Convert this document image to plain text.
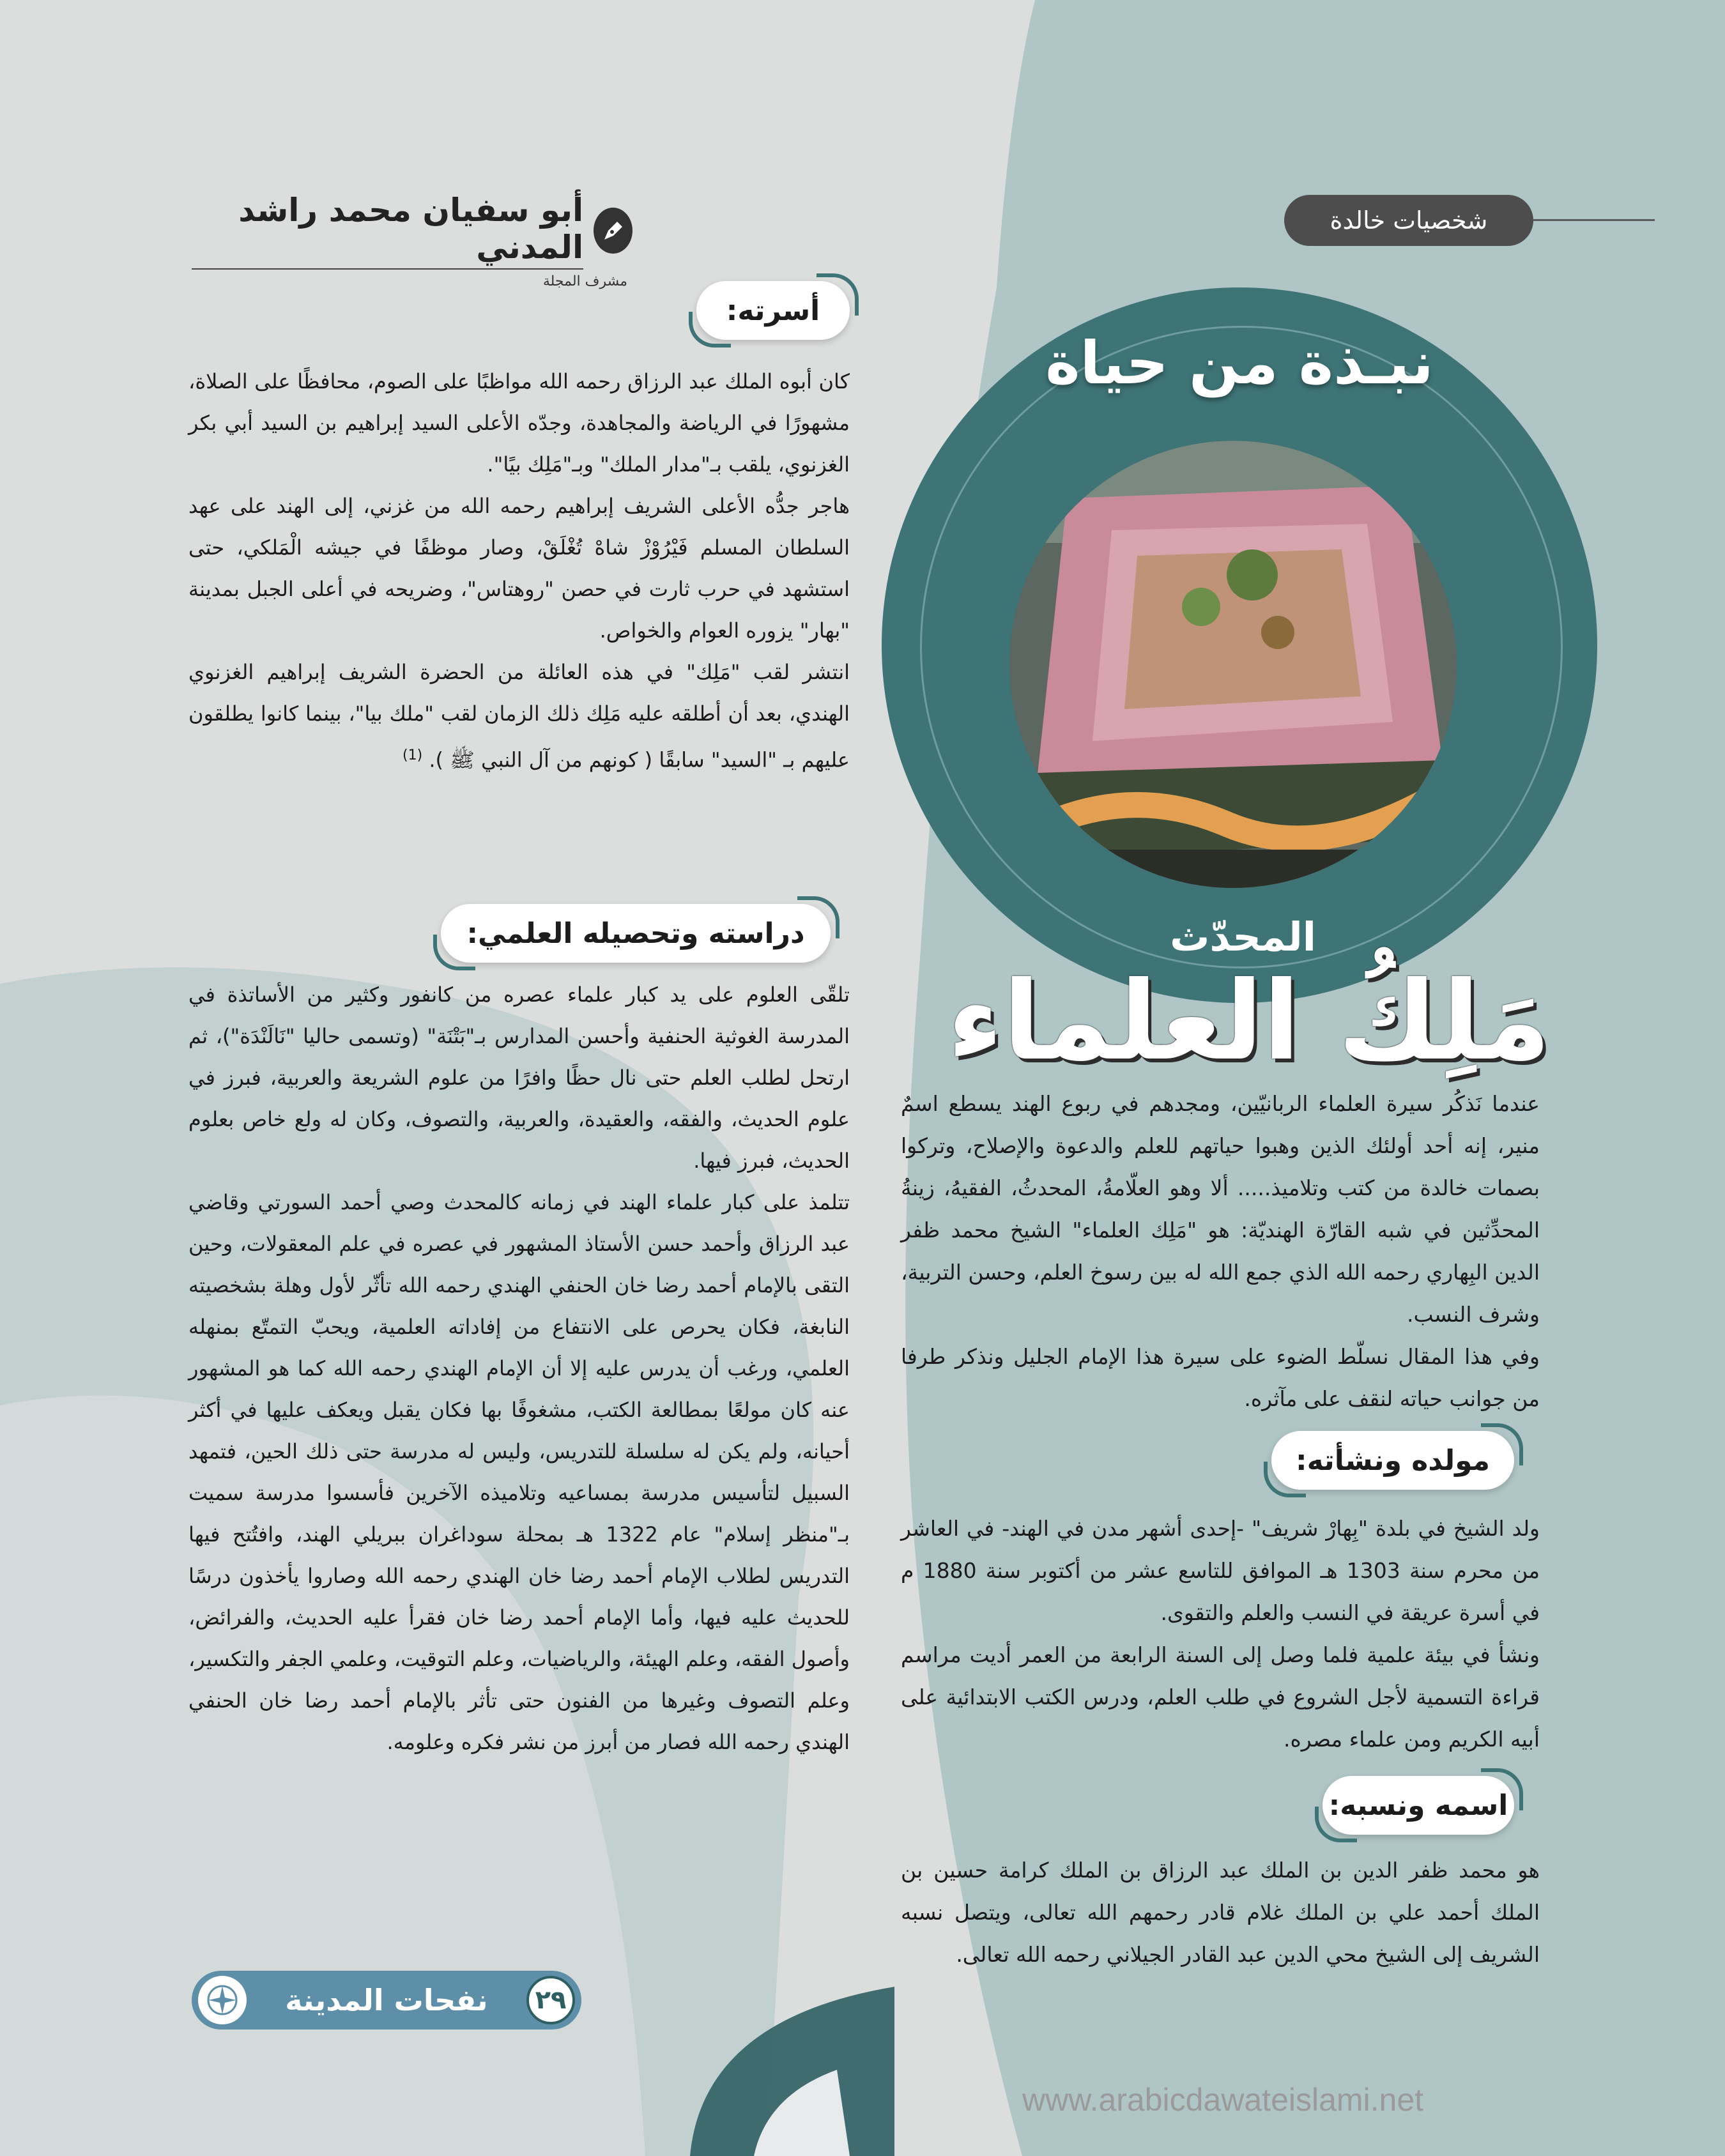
شخصيات خالدة
أبو سفيان محمد راشد المدني
مشرف المجلة
نبـذة من حياة
المحدّث
مَلِكُ العلماء

عندما نَذكُر سيرة العلماء الربانيّين، ومجدهم في ربوع الهند يسطع اسمٌ منير، إنه أحد أولئك الذين وهبوا حياتهم للعلم والدعوة والإصلاح، وتركوا بصمات خالدة من كتب وتلاميذ..... ألا وهو العلّامةُ، المحدثُ، الفقيهُ، زينةُ المحدِّثين في شبه القارّة الهنديّة: هو "مَلِك العلماء" الشيخ محمد ظفر الدين البِهاري رحمه الله الذي جمع الله له بين رسوخ العلم، وحسن التربية، وشرف النسب.

وفي هذا المقال نسلّط الضوء على سيرة هذا الإمام الجليل ونذكر طرفا من جوانب حياته لنقف على مآثره.

مولده ونشأته:

ولد الشيخ في بلدة "بِهارْ شريف" -إحدى أشهر مدن في الهند- في العاشر من محرم سنة 1303 هـ الموافق للتاسع عشر من أكتوبر سنة 1880 م في أسرة عريقة في النسب والعلم والتقوى.

ونشأ في بيئة علمية فلما وصل إلى السنة الرابعة من العمر أديت مراسم قراءة التسمية لأجل الشروع في طلب العلم، ودرس الكتب الابتدائية على أبيه الكريم ومن علماء مصره.

اسمه ونسبه:

هو محمد ظفر الدين بن الملك عبد الرزاق بن الملك كرامة حسين بن الملك أحمد علي بن الملك غلام قادر رحمهم الله تعالى، ويتصل نسبه الشريف إلى الشيخ محي الدين عبد القادر الجيلاني رحمه الله تعالى.

أسرته:

كان أبوه الملك عبد الرزاق رحمه الله مواظبًا على الصوم، محافظًا على الصلاة، مشهورًا في الرياضة والمجاهدة، وجدّه الأعلى السيد إبراهيم بن السيد أبي بكر الغزنوي، يلقب بـ"مدار الملك" وبـ"مَلِك بيًا".

هاجر جدُّه الأعلى الشريف إبراهيم رحمه الله من غزني، إلى الهند على عهد السلطان المسلم فَيْرُوْزْ شاهْ تُغْلَقْ، وصار موظفًا في جيشه الْمَلكي، حتى استشهد في حرب ثارت في حصن "روهتاس"، وضريحه في أعلى الجبل بمدينة "بهار" يزوره العوام والخواص.

انتشر لقب "مَلِك" في هذه العائلة من الحضرة الشريف إبراهيم الغزنوي الهندي، بعد أن أطلقه عليه مَلِك ذلك الزمان لقب "ملك بيا"، بينما كانوا يطلقون عليهم بـ "السيد" سابقًا ( كونهم من آل النبي ﷺ ). $^{(1)}$

دراسته وتحصيله العلمي:

تلقّى العلوم على يد كبار علماء عصره من كانفور وكثير من الأساتذة في المدرسة الغوثية الحنفية وأحسن المدارس بـ"بَتْنَة" (وتسمى حاليا "نَالَنْدَة")، ثم ارتحل لطلب العلم حتى نال حظًا وافرًا من علوم الشريعة والعربية، فبرز في علوم الحديث، والفقه، والعقيدة، والعربية، والتصوف، وكان له ولع خاص بعلوم الحديث، فبرز فيها.

تتلمذ على كبار علماء الهند في زمانه كالمحدث وصي أحمد السورتي وقاضي عبد الرزاق وأحمد حسن الأستاذ المشهور في عصره في علم المعقولات، وحين التقى بالإمام أحمد رضا خان الحنفي الهندي رحمه الله تأثّر لأول وهلة بشخصيته النابغة، فكان يحرص على الانتفاع من إفاداته العلمية، ويحبّ التمتّع بمنهله العلمي، ورغب أن يدرس عليه إلا أن الإمام الهندي رحمه الله كما هو المشهور عنه كان مولعًا بمطالعة الكتب، مشغوفًا بها فكان يقبل ويعكف عليها في أكثر أحيانه، ولم يكن له سلسلة للتدريس، وليس له مدرسة حتى ذلك الحين، فتمهد السبيل لتأسيس مدرسة بمساعيه وتلاميذه الآخرين فأسسوا مدرسة سميت بـ"منظر إسلام" عام 1322 هـ بمحلة سوداغران ببريلي الهند، وافتُتح فيها التدريس لطلاب الإمام أحمد رضا خان الهندي رحمه الله وصاروا يأخذون درسًا للحديث عليه فيها، وأما الإمام أحمد رضا خان فقرأ عليه الحديث، والفرائض، وأصول الفقه، وعلم الهيئة، والرياضيات، وعلم التوقيت، وعلمي الجفر والتكسير، وعلم التصوف وغيرها من الفنون حتى تأثر بالإمام أحمد رضا خان الحنفي الهندي رحمه الله فصار من أبرز من نشر فكره وعلومه.

نفحات المدينة	٢٩
www.arabicdawateislami.net
